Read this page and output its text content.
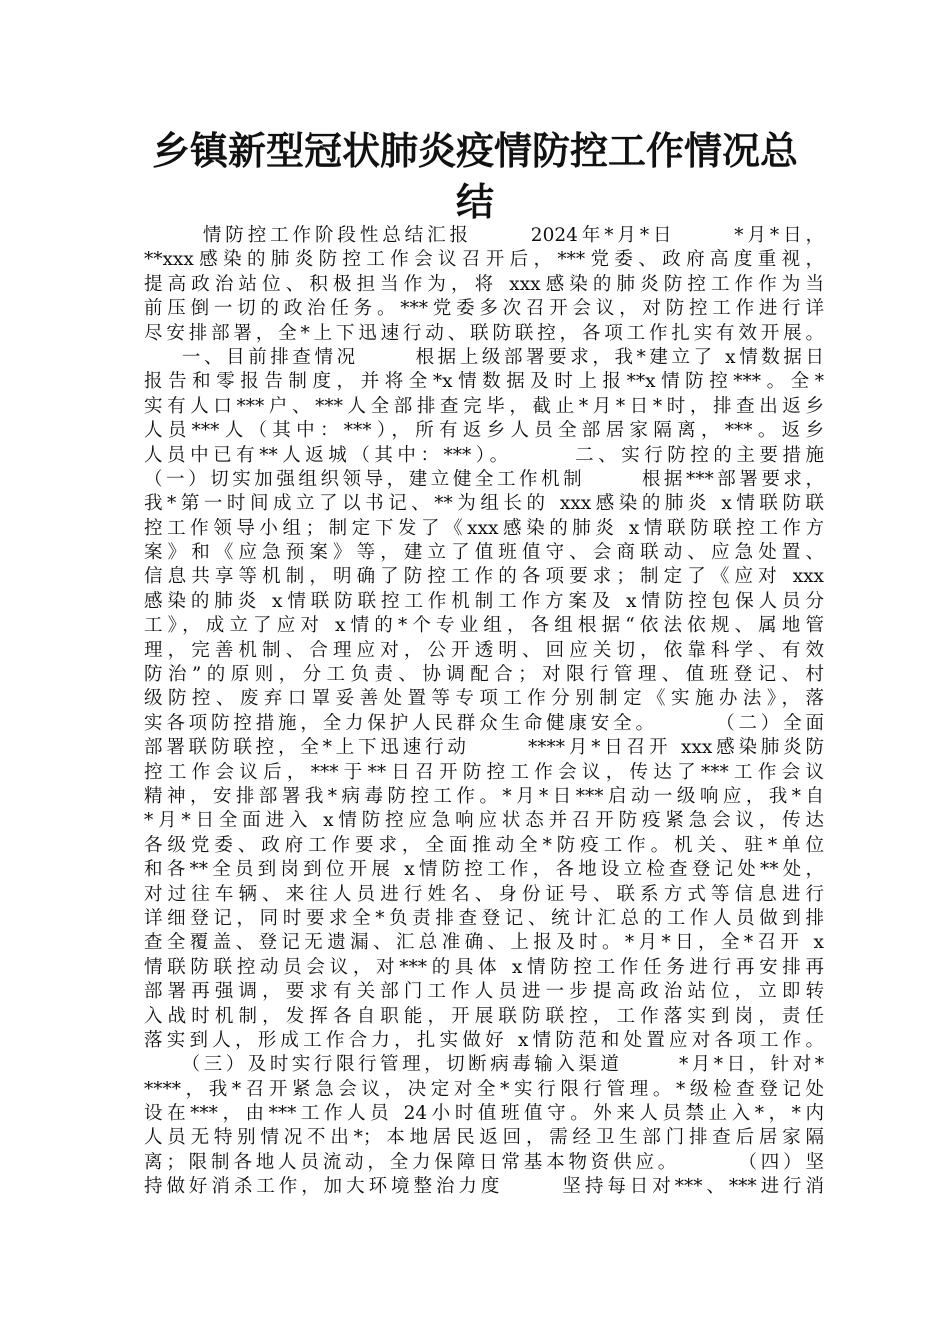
乡镇新型冠状肺炎疫情防控工作情况总
结
情防控工作阶段性总结汇报      2024年*月*日      *月*日，
**xxx感染的肺炎防控工作会议召开后，***党委、政府高度重视，
提高政治站位、积极担当作为，将 xxx感染的肺炎防控工作作为当
前压倒一切的政治任务。***党委多次召开会议，对防控工作进行详
尽安排部署，全*上下迅速行动、联防联控，各项工作扎实有效开展。
一、目前排查情况      根据上级部署要求，我*建立了 x情数据日
报告和零报告制度，并将全*x情数据及时上报**x情防控***。全*
实有人口***户、***人全部排查完毕，截止*月*日*时，排查出返乡
人员***人（其中：***），所有返乡人员全部居家隔离，***。返乡
人员中已有**人返城（其中：***）。      二、实行防控的主要措施
（一）切实加强组织领导，建立健全工作机制      根据***部署要求，
我*第一时间成立了以书记、**为组长的 xxx感染的肺炎 x情联防联
控工作领导小组；制定下发了《xxx感染的肺炎 x情联防联控工作方
案》和《应急预案》等，建立了值班值守、会商联动、应急处置、
信息共享等机制，明确了防控工作的各项要求；制定了《应对 xxx
感染的肺炎 x情联防联控工作机制工作方案及 x情防控包保人员分
工》，成立了应对 x情的*个专业组，各组根据“依法依规、属地管
理，完善机制、合理应对，公开透明、回应关切，依靠科学、有效
防治”的原则，分工负责、协调配合；对限行管理、值班登记、村
级防控、废弃口罩妥善处置等专项工作分别制定《实施办法》，落
实各项防控措施，全力保护人民群众生命健康安全。      （二）全面
部署联防联控，全*上下迅速行动      ****月*日召开 xxx感染肺炎防
控工作会议后，***于**日召开防控工作会议，传达了***工作会议
精神，安排部署我*病毒防控工作。*月*日***启动一级响应，我*自
*月*日全面进入 x情防控应急响应状态并召开防疫紧急会议，传达
各级党委、政府工作要求，全面推动全*防疫工作。机关、驻*单位
和各**全员到岗到位开展 x情防控工作，各地设立检查登记处**处，
对过往车辆、来往人员进行姓名、身份证号、联系方式等信息进行
详细登记，同时要求全*负责排查登记、统计汇总的工作人员做到排
查全覆盖、登记无遗漏、汇总准确、上报及时。*月*日，全*召开 x
情联防联控动员会议，对***的具体 x情防控工作任务进行再安排再
部署再强调，要求有关部门工作人员进一步提高政治站位，立即转
入战时机制，发挥各自职能，开展联防联控，工作落实到岗，责任
落实到人，形成工作合力，扎实做好 x情防范和处置应对各项工作。
（三）及时实行限行管理，切断病毒输入渠道      *月*日，针对*
****，我*召开紧急会议，决定对全*实行限行管理。*级检查登记处
设在***，由***工作人员 24小时值班值守。外来人员禁止入*，*内
人员无特别情况不出*；本地居民返回，需经卫生部门排查后居家隔
离；限制各地人员流动，全力保障日常基本物资供应。      （四）坚
持做好消杀工作，加大环境整治力度      坚持每日对***、***进行消
